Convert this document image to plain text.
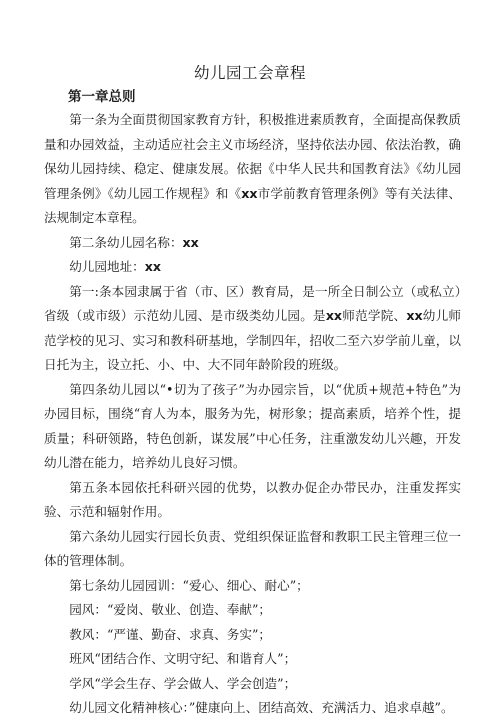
幼儿园工会章程
第一章总则

第一条为全面贯彻国家教育方针，积极推进素质教育，全面提高保教质量和办园效益，主动适应社会主义市场经济，坚持依法办园、依法治教，确保幼儿园持续、稳定、健康发展。依据《中华人民共和国教育法》《幼儿园管理条例》《幼儿园工作规程》和《xx市学前教育管理条例》等有关法律、法规制定本章程。

第二条幼儿园名称：xx

幼儿园地址：xx

第一:条本园隶属于省（市、区）教育局，是一所全日制公立（或私立）省级（或市级）示范幼儿园、是市级类幼儿园。是xx师范学院、xx幼儿师范学校的见习、实习和教科研基地，学制四年，招收二至六岁学前儿童，以日托为主，设立托、小、中、大不同年龄阶段的班级。

第四条幼儿园以“•切为了孩子”为办园宗旨，以“优质+规范+特色”为办园目标，围绕“育人为本，服务为先，树形象；提高素质，培养个性，提质量；科研领路，特色创新，谋发展”中心任务，注重激发幼儿兴趣，开发幼儿潜在能力，培养幼儿良好习惯。

第五条本园依托科研兴园的优势，以教办促企办带民办，注重发挥实验、示范和辐射作用。

第六条幼儿园实行园长负责、党组织保证监督和教职工民主管理三位一体的管理体制。

第七条幼儿园园训：“爱心、细心、耐心”；

园风：“爱岗、敬业、创造、奉献”；

教风：“严谨、勤奋、求真、务实”；

班风“团结合作、文明守纪、和谐育人”；

学风“学会生存、学会做人、学会创造”；

幼儿园文化精神核心：”健康向上、团结高效、充满活力、追求卓越”。
